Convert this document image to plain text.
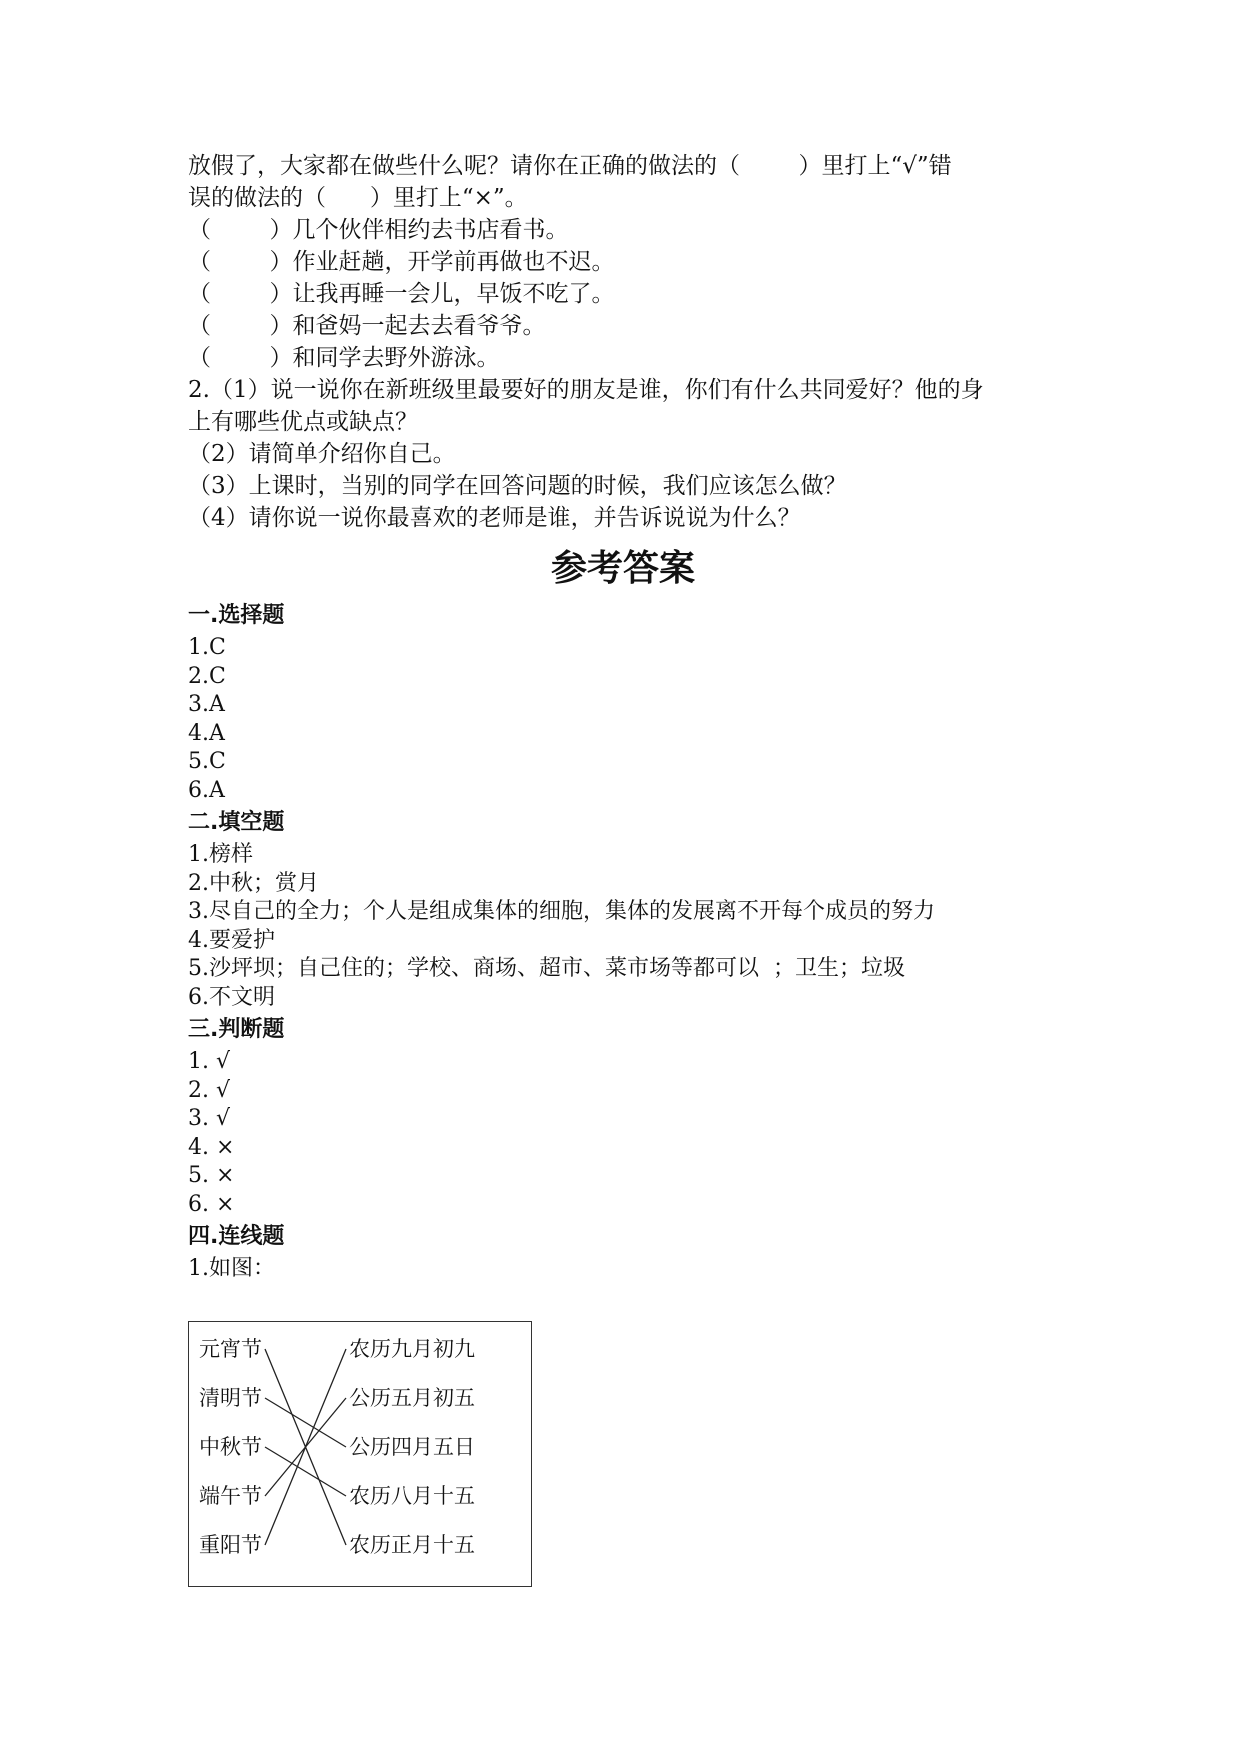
放假了，大家都在做些什么呢？请你在正确的做法的（        ）里打上“√”错

误的做法的（      ）里打上“×”。

（        ）几个伙伴相约去书店看书。

（        ）作业赶趟，开学前再做也不迟。

（        ）让我再睡一会儿，早饭不吃了。

（        ）和爸妈一起去去看爷爷。

（        ）和同学去野外游泳。

2.（1）说一说你在新班级里最要好的朋友是谁，你们有什么共同爱好？他的身

上有哪些优点或缺点？

（2）请简单介绍你自己。

（3）上课时，当别的同学在回答问题的时候，我们应该怎么做？

（4）请你说一说你最喜欢的老师是谁，并告诉说说为什么？

参考答案
一.选择题
1.C
2.C
3.A
4.A
5.C
6.A
二.填空题
1.榜样
2.中秋；赏月
3.尽自己的全力；个人是组成集体的细胞，集体的发展离不开每个成员的努力
4.要爱护
5.沙坪坝；自己住的；学校、商场、超市、菜市场等都可以  ；卫生；垃圾
6.不文明
三.判断题
1. √
2. √
3. √
4. ×
5. ×
6. ×
四.连线题
1.如图：
元宵节
清明节
中秋节
端午节
重阳节
农历九月初九
公历五月初五
公历四月五日
农历八月十五
农历正月十五
